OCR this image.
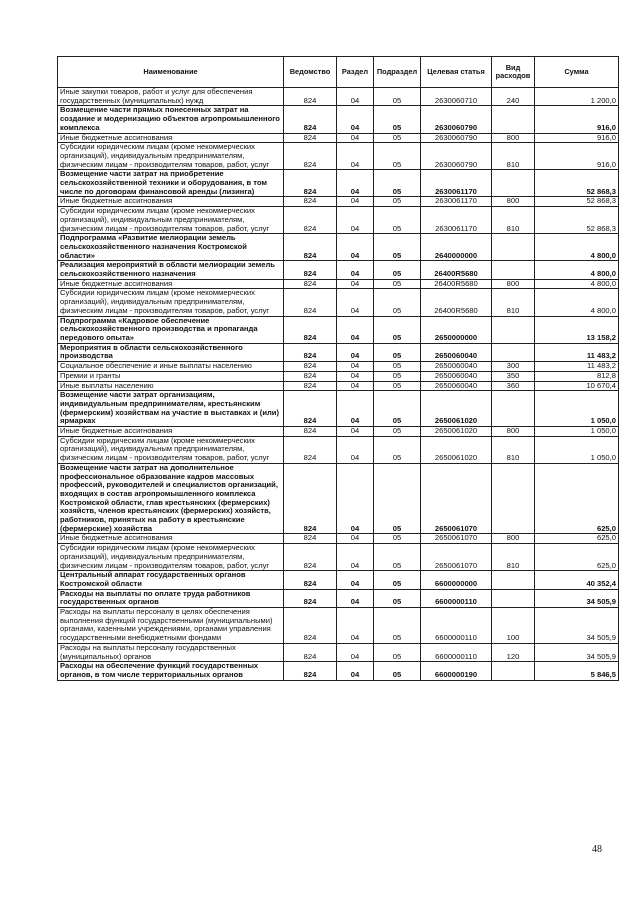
Наименование	Ведомство	Раздел	Подраздел	Целевая статья	Вид расходов	Сумма
Иные закупки товаров, работ и услуг для обеспечения государственных (муниципальных) нужд	824	04	05	2630060710	240	1 200,0
Возмещение части прямых понесенных затрат на создание и модернизацию объектов агропромышленного комплекса	824	04	05	2630060790		916,0
Иные бюджетные ассигнования	824	04	05	2630060790	800	916,0
Субсидии юридическим лицам (кроме некоммерческих организаций), индивидуальным предпринимателям, физическим лицам - производителям товаров, работ, услуг	824	04	05	2630060790	810	916,0
Возмещение части затрат на приобретение сельскохозяйственной техники и оборудования, в том числе по договорам финансовой аренды (лизинга)	824	04	05	2630061170		52 868,3
Иные бюджетные ассигнования	824	04	05	2630061170	800	52 868,3
Субсидии юридическим лицам (кроме некоммерческих организаций), индивидуальным предпринимателям, физическим лицам - производителям товаров, работ, услуг	824	04	05	2630061170	810	52 868,3
Подпрограмма «Развитие мелиорации земель сельскохозяйственного назначения Костромской области»	824	04	05	2640000000		4 800,0
Реализация мероприятий в области мелиорации земель сельскохозяйственного назначения	824	04	05	26400R5680		4 800,0
Иные бюджетные ассигнования	824	04	05	26400R5680	800	4 800,0
Субсидии юридическим лицам (кроме некоммерческих организаций), индивидуальным предпринимателям, физическим лицам - производителям товаров, работ, услуг	824	04	05	26400R5680	810	4 800,0
Подпрограмма «Кадровое обеспечение сельскохозяйственного производства и пропаганда передового опыта»	824	04	05	2650000000		13 158,2
Мероприятия в области сельскохозяйственного производства	824	04	05	2650060040		11 483,2
Социальное обеспечение и иные выплаты населению	824	04	05	2650060040	300	11 483,2
Премии и гранты	824	04	05	2650060040	350	812,8
Иные выплаты населению	824	04	05	2650060040	360	10 670,4
Возмещение части затрат организациям, индивидуальным предпринимателям, крестьянским (фермерским) хозяйствам на участие в выставках и (или) ярмарках	824	04	05	2650061020		1 050,0
Иные бюджетные ассигнования	824	04	05	2650061020	800	1 050,0
Субсидии юридическим лицам (кроме некоммерческих организаций), индивидуальным предпринимателям, физическим лицам - производителям товаров, работ, услуг	824	04	05	2650061020	810	1 050,0
Возмещение части затрат на дополнительное профессиональное образование кадров массовых профессий, руководителей и специалистов организаций, входящих в состав агропромышленного комплекса Костромской области, глав крестьянских (фермерских) хозяйств, членов крестьянских (фермерских) хозяйств, работников, принятых на работу в крестьянские (фермерские) хозяйства	824	04	05	2650061070		625,0
Иные бюджетные ассигнования	824	04	05	2650061070	800	625,0
Субсидии юридическим лицам (кроме некоммерческих организаций), индивидуальным предпринимателям, физическим лицам - производителям товаров, работ, услуг	824	04	05	2650061070	810	625,0
Центральный аппарат государственных органов Костромской области	824	04	05	6600000000		40 352,4
Расходы на выплаты по оплате труда работников государственных органов	824	04	05	6600000110		34 505,9
Расходы на выплаты персоналу в целях обеспечения выполнения функций государственными (муниципальными) органами, казенными учреждениями, органами управления государственными внебюджетными фондами	824	04	05	6600000110	100	34 505,9
Расходы на выплаты персоналу государственных (муниципальных) органов	824	04	05	6600000110	120	34 505,9
Расходы на обеспечение функций государственных органов, в том числе территориальных органов	824	04	05	6600000190		5 846,5
48
